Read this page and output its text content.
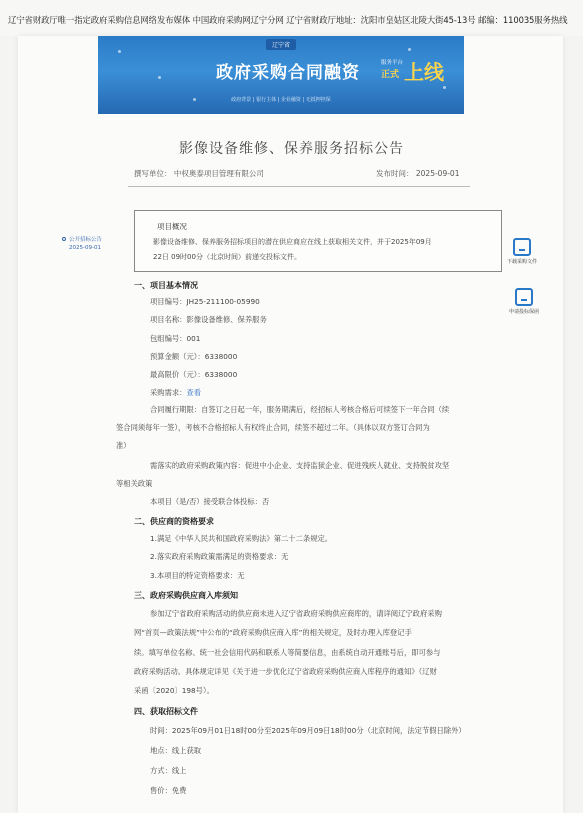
辽宁省财政厅唯一指定政府采购信息网络发布媒体 中国政府采购网辽宁分网 辽宁省财政厅地址：沈阳市皇姑区北陵大街45-13号 邮编：110035服务热线
辽宁省
政府采购合同融资	服务平台
正式 上线
政府背景 | 银行主体 | 企业融资 | 无抵押担保
影像设备维修、保养服务招标公告
撰写单位： 中权奥泰项目管理有限公司	发布时间： 2025-09-01
公开招标公告
2025-09-01
下载采购文件
申请投标保函
项目概况
影像设备维修、保养服务招标项目的潜在供应商应在线上获取相关文件，并于2025年09月
22日 09时00分（北京时间）前递交投标文件。
一、项目基本情况
项目编号：JH25-211100-05990
项目名称：影像设备维修、保养服务
包组编号：001
预算金额（元）：6338000
最高限价（元）：6338000
采购需求：查看
合同履行期限：自签订之日起一年，服务期满后，经招标人考核合格后可续签下一年合同（续
签合同须每年一签），考核不合格招标人有权终止合同，续签不超过二年。（具体以双方签订合同为
准）
需落实的政府采购政策内容：促进中小企业、支持监狱企业、促进残疾人就业、支持脱贫攻坚
等相关政策
本项目（是/否）接受联合体投标：否
二、供应商的资格要求
1.满足《中华人民共和国政府采购法》第二十二条规定。
2.落实政府采购政策需满足的资格要求：无
3.本项目的特定资格要求：无
三、政府采购供应商入库须知
参加辽宁省政府采购活动的供应商未进入辽宁省政府采购供应商库的，请详阅辽宁政府采购
网“首页—政策法规”中公布的“政府采购供应商入库”的相关规定，及时办理入库登记手
续。填写单位名称、统一社会信用代码和联系人等简要信息，由系统自动开通账号后，即可参与
政府采购活动。具体规定详见《关于进一步优化辽宁省政府采购供应商入库程序的通知》（辽财
采函〔2020〕198号）。
四、获取招标文件
时间：2025年09月01日18时00分至2025年09月09日18时00分（北京时间，法定节假日除外）
地点：线上获取
方式：线上
售价：免费
